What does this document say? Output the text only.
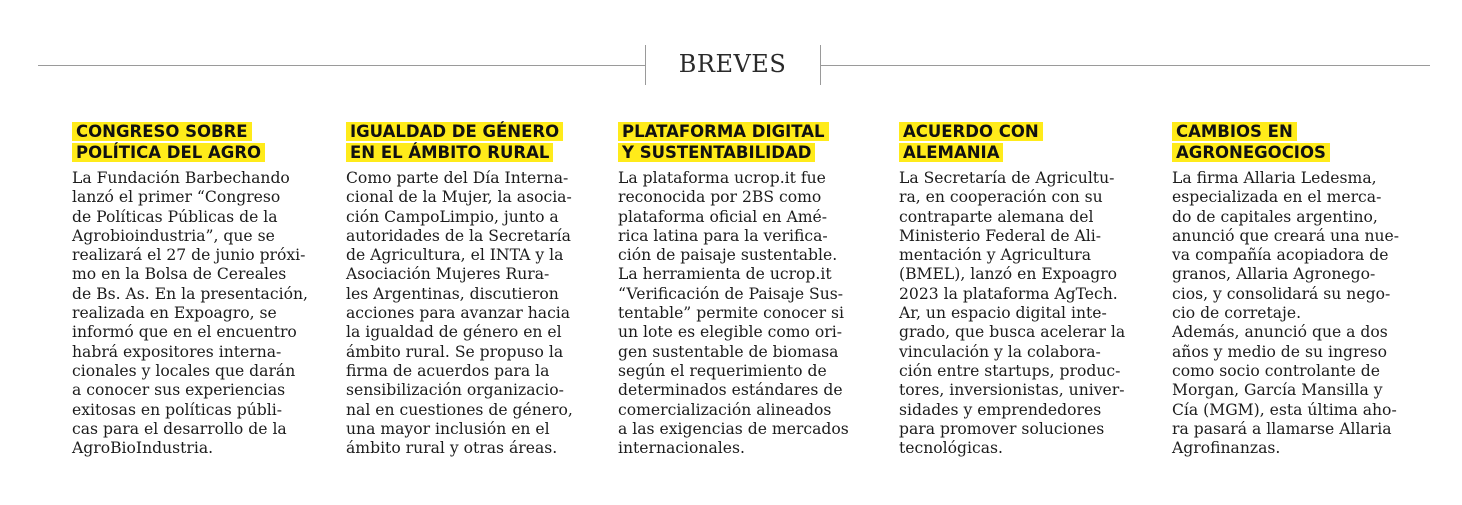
BREVES
CONGRESO SOBRE
POLÍTICA DEL AGRO

La Fundación Barbechando
lanzó el primer “Congreso
de Políticas Públicas de la
Agrobioindustria”, que se
realizará el 27 de junio próxi-
mo en la Bolsa de Cereales
de Bs. As. En la presentación,
realizada en Expoagro, se
informó que en el encuentro
habrá expositores interna-
cionales y locales que darán
a conocer sus experiencias
exitosas en políticas públi-
cas para el desarrollo de la
AgroBioIndustria.

IGUALDAD DE GÉNERO
EN EL ÁMBITO RURAL

Como parte del Día Interna-
cional de la Mujer, la asocia-
ción CampoLimpio, junto a
autoridades de la Secretaría
de Agricultura, el INTA y la
Asociación Mujeres Rura-
les Argentinas, discutieron
acciones para avanzar hacia
la igualdad de género en el
ámbito rural. Se propuso la
firma de acuerdos para la
sensibilización organizacio-
nal en cuestiones de género,
una mayor inclusión en el
ámbito rural y otras áreas.

PLATAFORMA DIGITAL
Y SUSTENTABILIDAD

La plataforma ucrop.it fue
reconocida por 2BS como
plataforma oficial en Amé-
rica latina para la verifica-
ción de paisaje sustentable.
La herramienta de ucrop.it
“Verificación de Paisaje Sus-
tentable” permite conocer si
un lote es elegible como ori-
gen sustentable de biomasa
según el requerimiento de
determinados estándares de
comercialización alineados
a las exigencias de mercados
internacionales.

ACUERDO CON
ALEMANIA

La Secretaría de Agricultu-
ra, en cooperación con su
contraparte alemana del
Ministerio Federal de Ali-
mentación y Agricultura
(BMEL), lanzó en Expoagro
2023 la plataforma AgTech.
Ar, un espacio digital inte-
grado, que busca acelerar la
vinculación y la colabora-
ción entre startups, produc-
tores, inversionistas, univer-
sidades y emprendedores
para promover soluciones
tecnológicas.

CAMBIOS EN
AGRONEGOCIOS

La firma Allaria Ledesma,
especializada en el merca-
do de capitales argentino,
anunció que creará una nue-
va compañía acopiadora de
granos, Allaria Agronego-
cios, y consolidará su nego-
cio de corretaje.
Además, anunció que a dos
años y medio de su ingreso
como socio controlante de
Morgan, García Mansilla y
Cía (MGM), esta última aho-
ra pasará a llamarse Allaria
Agrofinanzas.
